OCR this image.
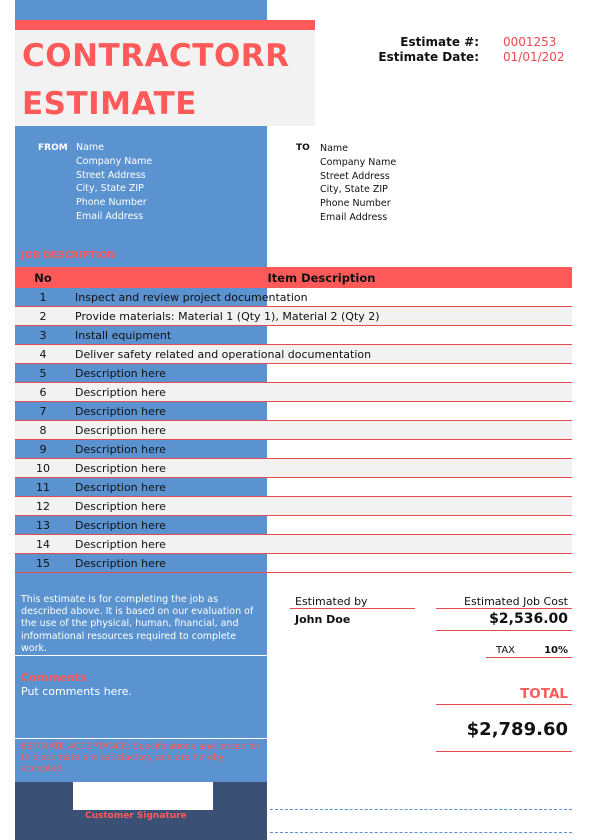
CONTRACTORR
ESTIMATE
Estimate #: 0001253
Estimate Date: 01/01/202
FROM Name
Company Name
Street Address
City, State ZIP
Phone Number
Email Address
TO Name
Company Name
Street Address
City, State ZIP
Phone Number
Email Address
JOB DESCRIPTION
No	Item Description
1	Inspect and review project documentation
2	Provide materials: Material 1 (Qty 1), Material 2 (Qty 2)
3	Install equipment
4	Deliver safety related and operational documentation
5	Description here
6	Description here
7	Description here
8	Description here
9	Description here
10	Description here
11	Description here
12	Description here
13	Description here
14	Description here
15	Description here
This estimate is for completing the job as described above. It is based on our evaluation of the use of the physical, human, financial, and informational resources required to complete work.
Comments
Put comments here.
ESTIMATE ACCEPTANCE: Specifications and prices for this estimate are satisfactory and are hereby accepted.
Customer Signature
Estimated by	Estimated Job Cost
John Doe	$2,536.00
TAX	10%
TOTAL
$2,789.60
